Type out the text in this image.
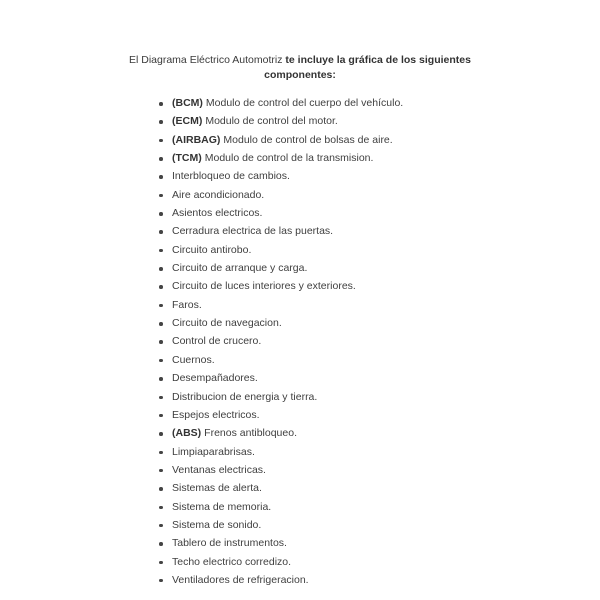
El Diagrama Eléctrico Automotriz te incluye la gráfica de los siguientes
componentes:

(BCM) Modulo de control del cuerpo del vehículo.
(ECM) Modulo de control del motor.
(AIRBAG) Modulo de control de bolsas de aire.
(TCM) Modulo de control de la transmision.
Interbloqueo de cambios.
Aire acondicionado.
Asientos electricos.
Cerradura electrica de las puertas.
Circuito antirobo.
Circuito de arranque y carga.
Circuito de luces interiores y exteriores.
Faros.
Circuito de navegacion.
Control de crucero.
Cuernos.
Desempañadores.
Distribucion de energia y tierra.
Espejos electricos.
(ABS) Frenos antibloqueo.
Limpiaparabrisas.
Ventanas electricas.
Sistemas de alerta.
Sistema de memoria.
Sistema de sonido.
Tablero de instrumentos.
Techo electrico corredizo.
Ventiladores de refrigeracion.
